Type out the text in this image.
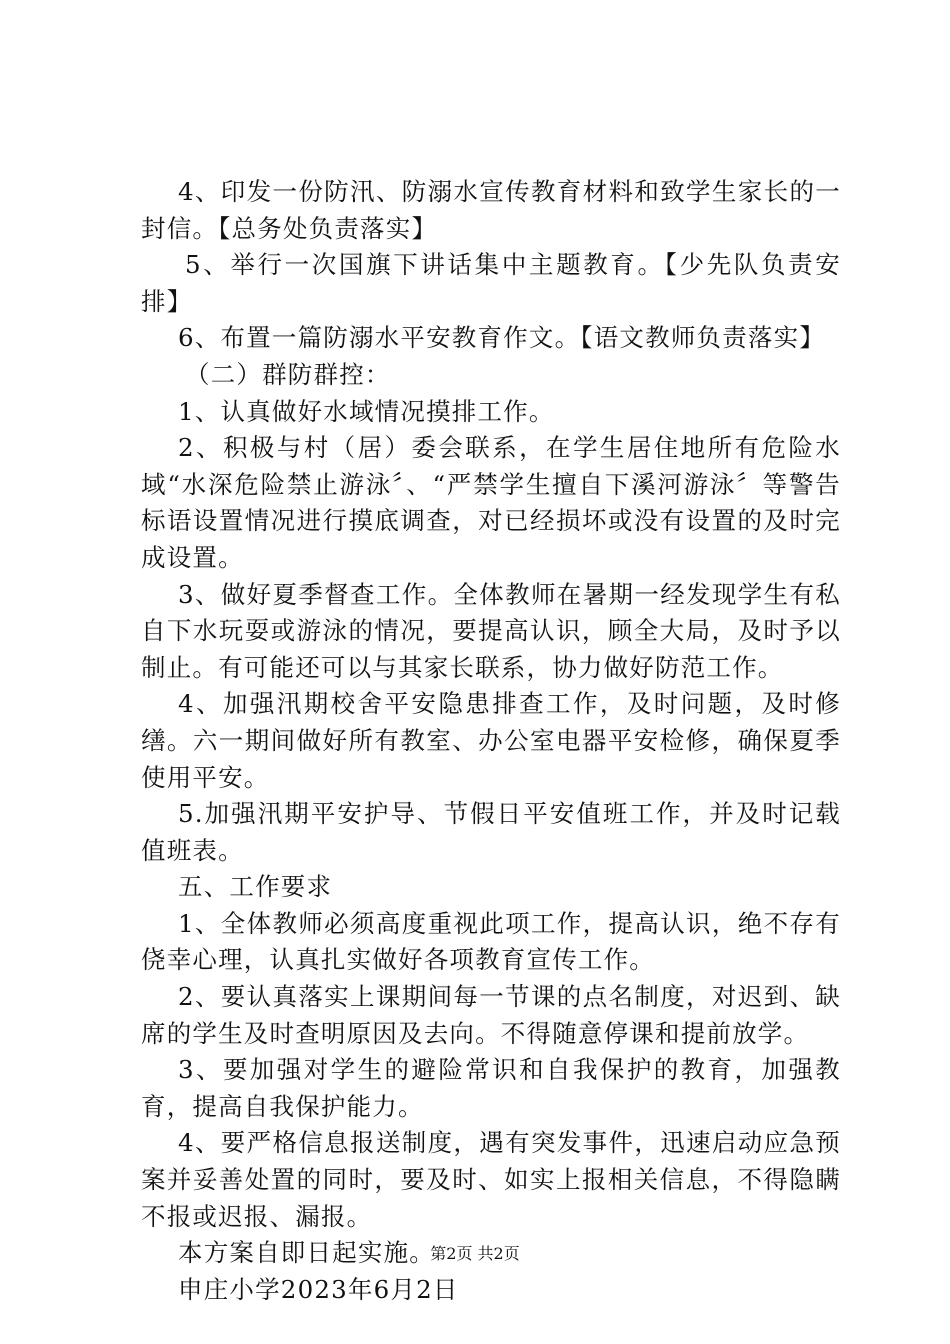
4、印发一份防汛、防溺水宣传教育材料和致学生家长的一封信。【总务处负责落实】

5、举行一次国旗下讲话集中主题教育。【少先队负责安排】

6、布置一篇防溺水平安教育作文。【语文教师负责落实】

（二）群防群控：

1、认真做好水域情况摸排工作。

2、积极与村（居）委会联系，在学生居住地所有危险水域“水深危险禁止游泳〞、“严禁学生擅自下溪河游泳〞等警告标语设置情况进行摸底调查，对已经损坏或没有设置的及时完成设置。

3、做好夏季督查工作。全体教师在暑期一经发现学生有私自下水玩耍或游泳的情况，要提高认识，顾全大局，及时予以制止。有可能还可以与其家长联系，协力做好防范工作。

4、加强汛期校舍平安隐患排查工作，及时问题，及时修缮。六一期间做好所有教室、办公室电器平安检修，确保夏季使用平安。

5.加强汛期平安护导、节假日平安值班工作，并及时记载值班表。

五、工作要求

1、全体教师必须高度重视此项工作，提高认识，绝不存有侥幸心理，认真扎实做好各项教育宣传工作。

2、要认真落实上课期间每一节课的点名制度，对迟到、缺席的学生及时查明原因及去向。不得随意停课和提前放学。

3、要加强对学生的避险常识和自我保护的教育，加强教育，提高自我保护能力。

4、要严格信息报送制度，遇有突发事件，迅速启动应急预案并妥善处置的同时，要及时、如实上报相关信息，不得隐瞒不报或迟报、漏报。

本方案自即日起实施。

申庄小学2023年6月2日

第2页 共2页
